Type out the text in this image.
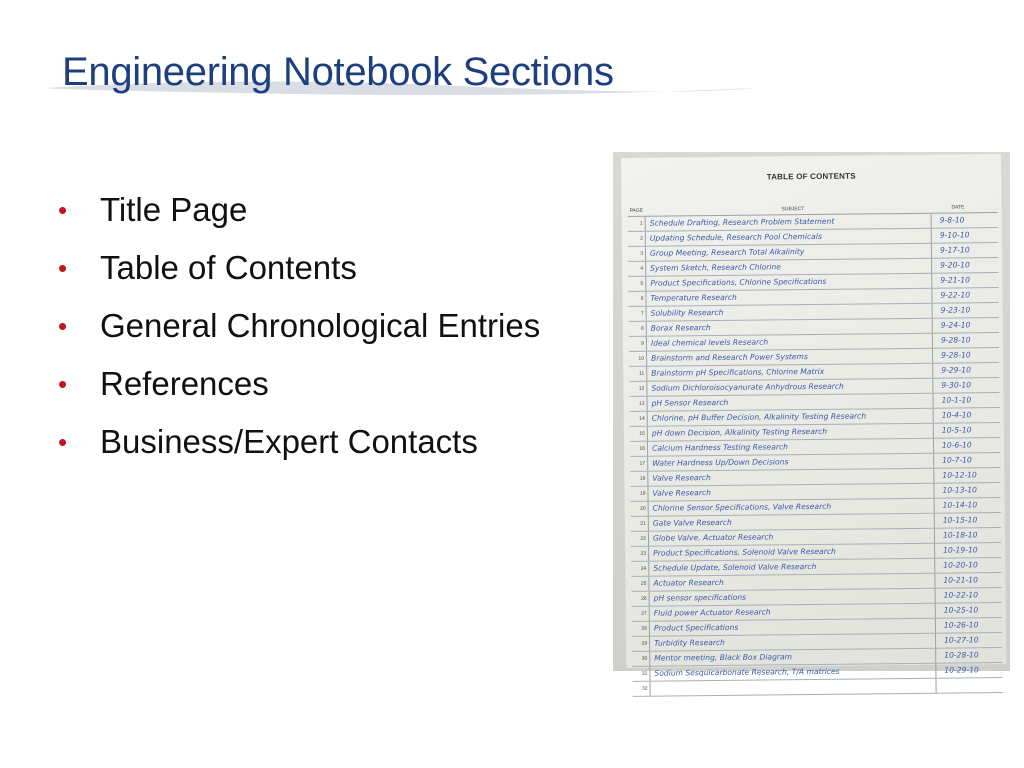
Engineering Notebook Sections
• Title Page
• Table of Contents
• General Chronological Entries
• References
• Business/Expert Contacts
TABLE OF CONTENTS
PAGE	SUBJECT	DATE
1 Schedule Drafting, Research Problem Statement	9-8-10
2 Updating Schedule, Research Pool Chemicals	9-10-10
3 Group Meeting, Research Total Alkalinity	9-17-10
4 System Sketch, Research Chlorine	9-20-10
5 Product Specifications, Chlorine Specifications	9-21-10
6 Temperature Research	9-22-10
7 Solubility Research	9-23-10
8 Borax Research	9-24-10
9 Ideal chemical levels Research	9-28-10
10 Brainstorm and Research Power Systems	9-28-10
11 Brainstorm pH Specifications, Chlorine Matrix	9-29-10
12 Sodium Dichloroisocyanurate Anhydrous Research	9-30-10
13 pH Sensor Research	10-1-10
14 Chlorine, pH Buffer Decision, Alkalinity Testing Research	10-4-10
15 pH down Decision, Alkalinity Testing Research	10-5-10
16 Calcium Hardness Testing Research	10-6-10
17 Water Hardness Up/Down Decisions	10-7-10
18 Valve Research	10-12-10
19 Valve Research	10-13-10
20 Chlorine Sensor Specifications, Valve Research	10-14-10
21 Gate Valve Research	10-15-10
22 Globe Valve, Actuator Research	10-18-10
23 Product Specifications, Solenoid Valve Research	10-19-10
24 Schedule Update, Solenoid Valve Research	10-20-10
25 Actuator Research	10-21-10
26 pH sensor specifications	10-22-10
27 Fluid power Actuator Research	10-25-10
28 Product Specifications	10-26-10
29 Turbidity Research	10-27-10
30 Mentor meeting, Black Box Diagram	10-28-10
31 Sodium Sesquicarbonate Research, T/A matrices	10-29-10
32
